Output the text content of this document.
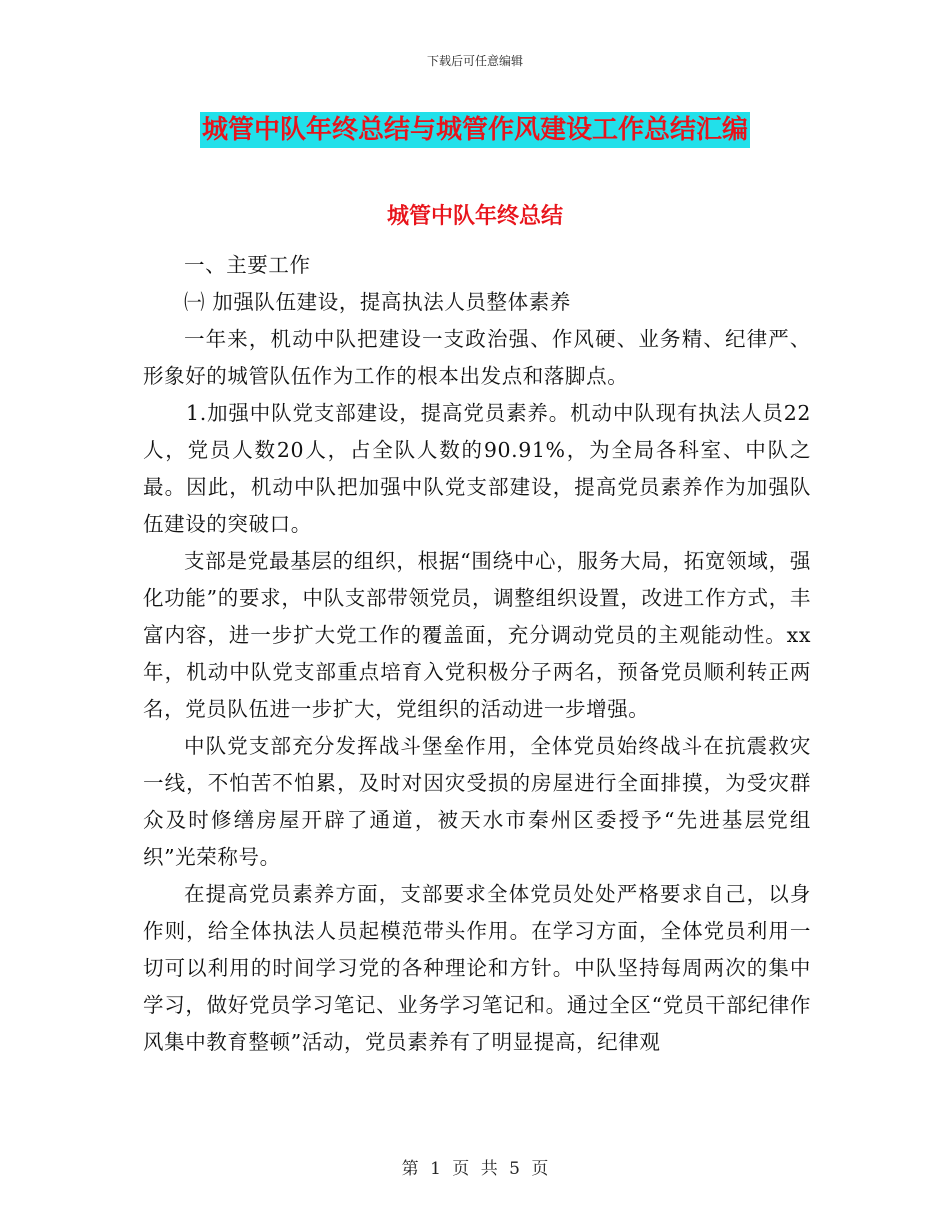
下载后可任意编辑
城管中队年终总结与城管作风建设工作总结汇编
城管中队年终总结

一、主要工作

㈠ 加强队伍建设，提高执法人员整体素养

一年来，机动中队把建设一支政治强、作风硬、业务精、纪律严、形象好的城管队伍作为工作的根本出发点和落脚点。

1.加强中队党支部建设，提高党员素养。机动中队现有执法人员22人，党员人数20人，占全队人数的90.91%，为全局各科室、中队之最。因此，机动中队把加强中队党支部建设，提高党员素养作为加强队伍建设的突破口。

支部是党最基层的组织，根据“围绕中心，服务大局，拓宽领域，强化功能”的要求，中队支部带领党员，调整组织设置，改进工作方式，丰富内容，进一步扩大党工作的覆盖面，充分调动党员的主观能动性。xx年，机动中队党支部重点培育入党积极分子两名，预备党员顺利转正两名，党员队伍进一步扩大，党组织的活动进一步增强。

中队党支部充分发挥战斗堡垒作用，全体党员始终战斗在抗震救灾一线，不怕苦不怕累，及时对因灾受损的房屋进行全面排摸，为受灾群众及时修缮房屋开辟了通道，被天水市秦州区委授予“先进基层党组织”光荣称号。

在提高党员素养方面，支部要求全体党员处处严格要求自己，以身作则，给全体执法人员起模范带头作用。在学习方面，全体党员利用一切可以利用的时间学习党的各种理论和方针。中队坚持每周两次的集中学习，做好党员学习笔记、业务学习笔记和。通过全区“党员干部纪律作风集中教育整顿”活动，党员素养有了明显提高，纪律观

第 1 页 共 5 页
